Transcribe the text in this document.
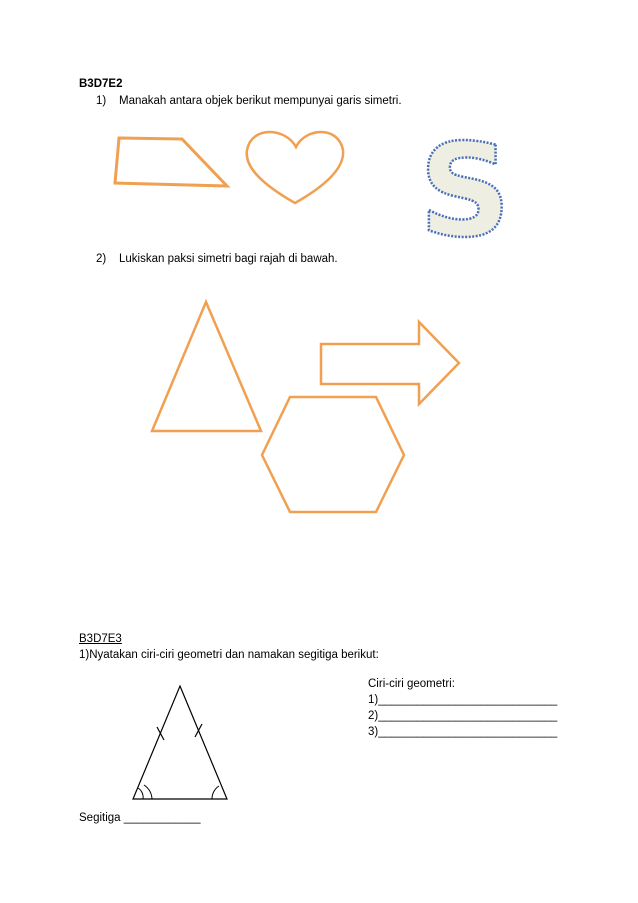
B3D7E2
1) Manakah antara objek berikut mempunyai garis simetri.
S
2) Lukiskan paksi simetri bagi rajah di bawah.
B3D7E3
1)Nyatakan ciri-ciri geometri dan namakan segitiga berikut:
Ciri-ciri geometri:
1)____________________________
2)____________________________
3)____________________________
Segitiga ____________
